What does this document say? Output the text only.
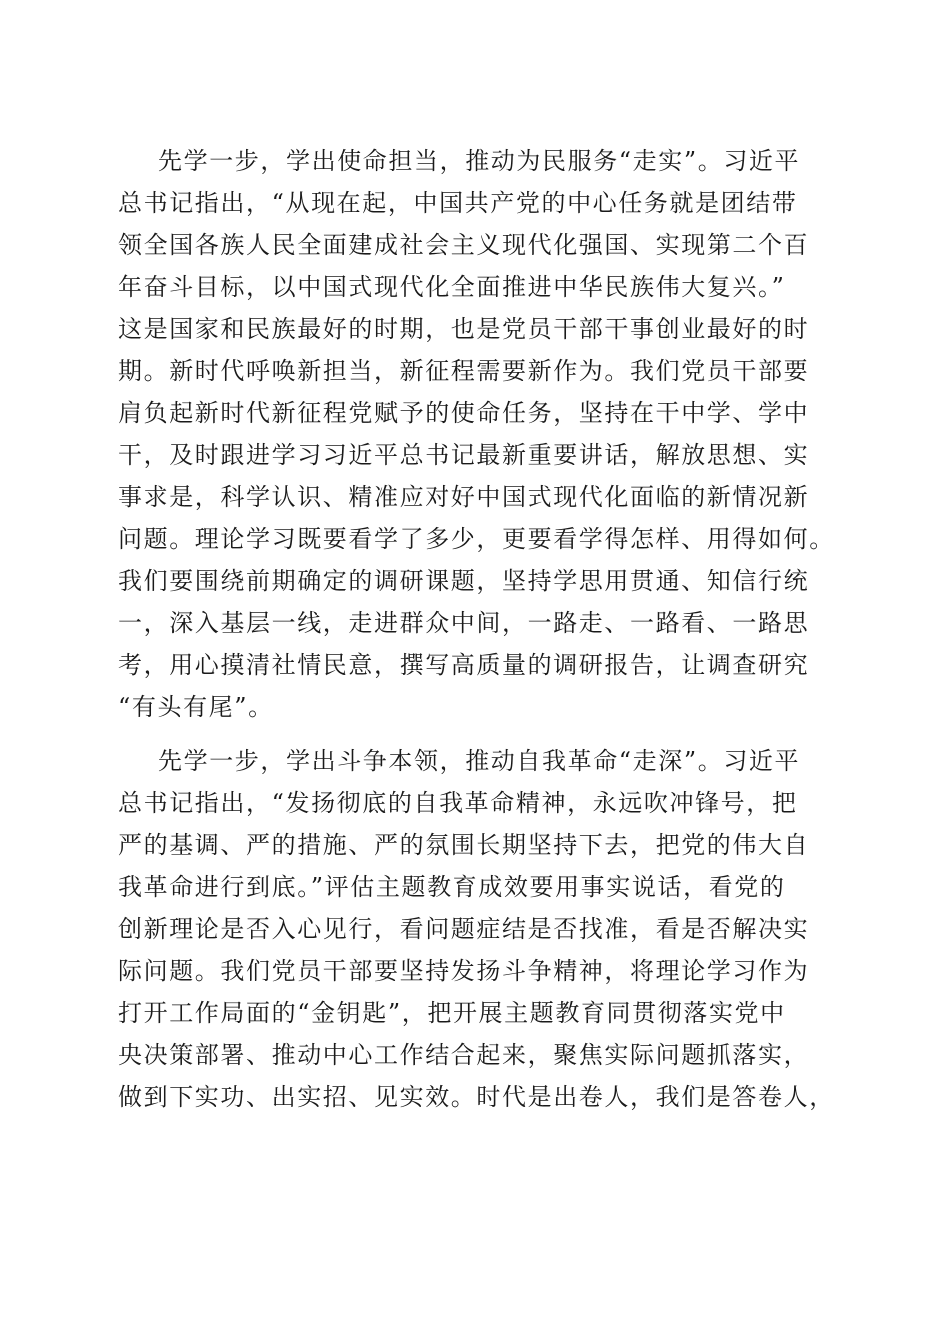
先学一步，学出使命担当，推动为民服务“走实”。习近平
总书记指出，“从现在起，中国共产党的中心任务就是团结带
领全国各族人民全面建成社会主义现代化强国、实现第二个百
年奋斗目标，以中国式现代化全面推进中华民族伟大复兴。”
这是国家和民族最好的时期，也是党员干部干事创业最好的时
期。新时代呼唤新担当，新征程需要新作为。我们党员干部要
肩负起新时代新征程党赋予的使命任务，坚持在干中学、学中
干，及时跟进学习习近平总书记最新重要讲话，解放思想、实
事求是，科学认识、精准应对好中国式现代化面临的新情况新
问题。理论学习既要看学了多少，更要看学得怎样、用得如何。
我们要围绕前期确定的调研课题，坚持学思用贯通、知信行统
一，深入基层一线，走进群众中间，一路走、一路看、一路思
考，用心摸清社情民意，撰写高质量的调研报告，让调查研究
“有头有尾”。
先学一步，学出斗争本领，推动自我革命“走深”。习近平
总书记指出，“发扬彻底的自我革命精神，永远吹冲锋号，把
严的基调、严的措施、严的氛围长期坚持下去，把党的伟大自
我革命进行到底。”评估主题教育成效要用事实说话，看党的
创新理论是否入心见行，看问题症结是否找准，看是否解决实
际问题。我们党员干部要坚持发扬斗争精神，将理论学习作为
打开工作局面的“金钥匙”，把开展主题教育同贯彻落实党中
央决策部署、推动中心工作结合起来，聚焦实际问题抓落实，
做到下实功、出实招、见实效。时代是出卷人，我们是答卷人，
